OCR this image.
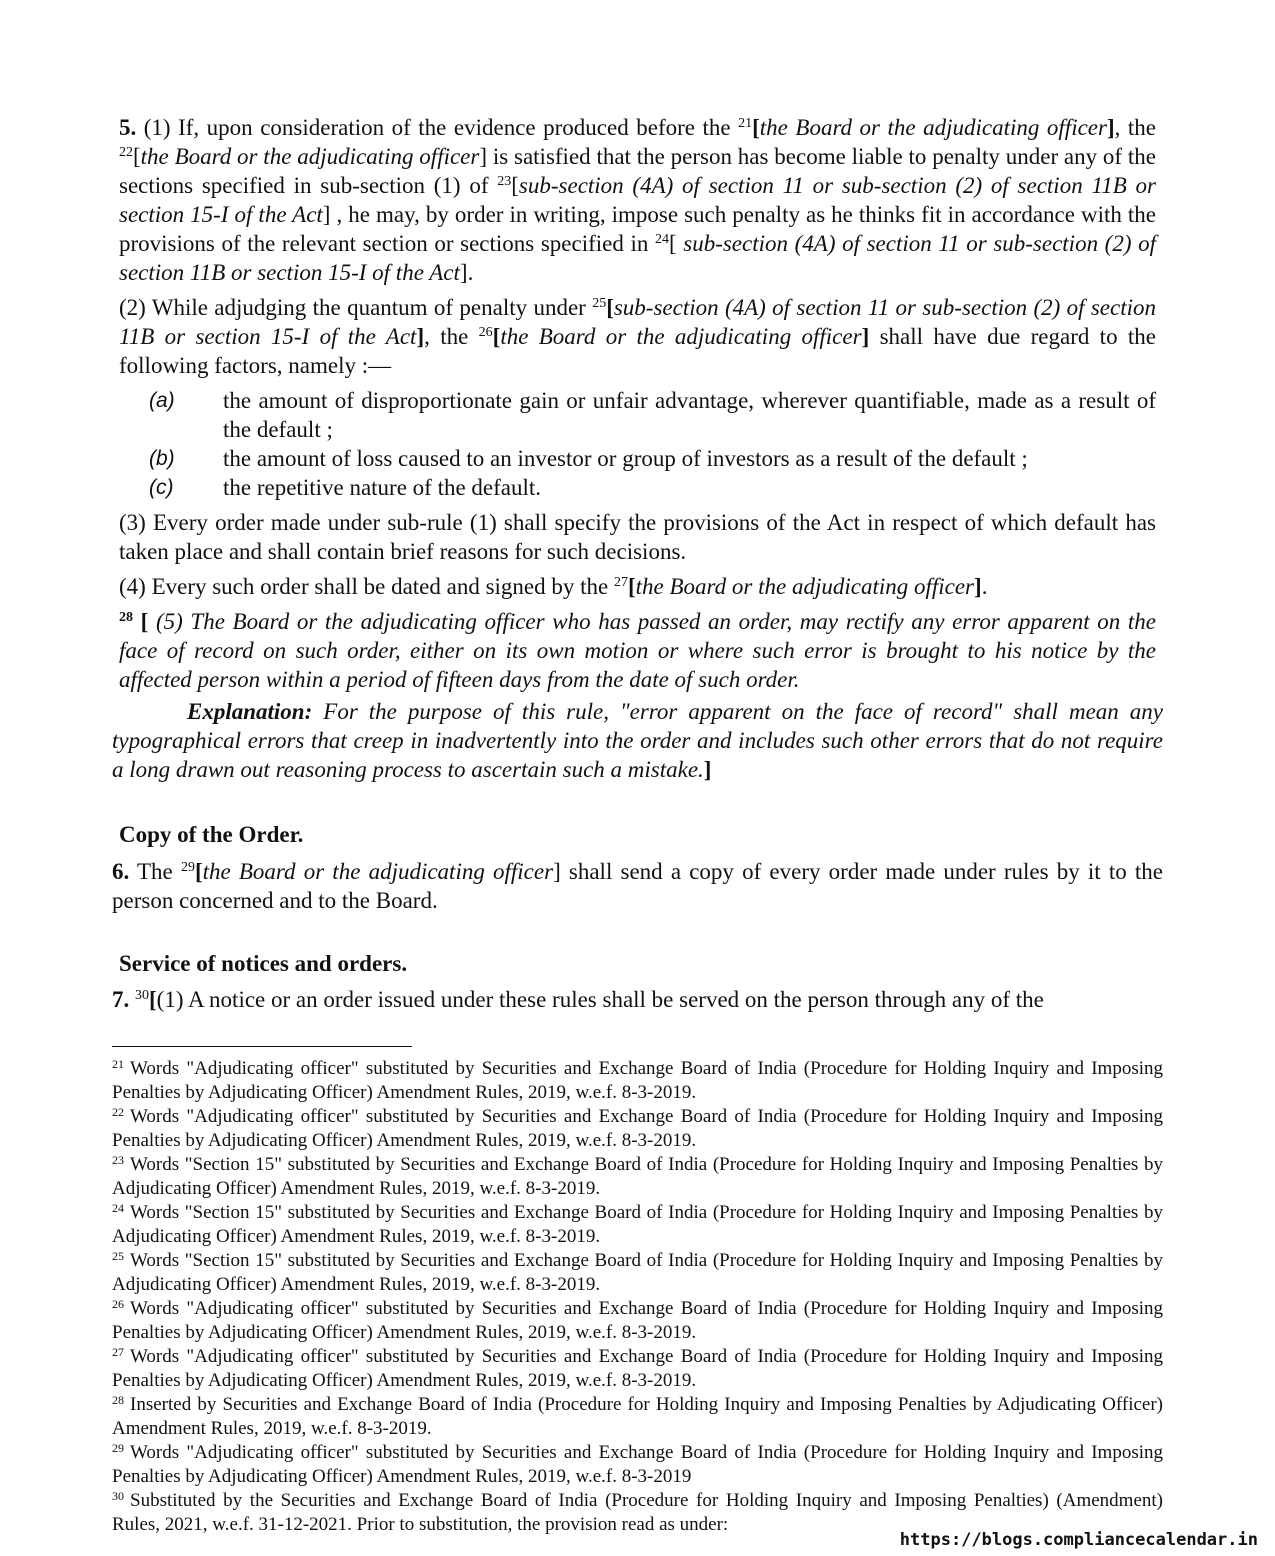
5. (1) If, upon consideration of the evidence produced before the $^{21}$[the Board or the adjudicating officer], the $^{22}$[the Board or the adjudicating officer] is satisfied that the person has become liable to penalty under any of the sections specified in sub-section (1) of $^{23}$[sub-section (4A) of section 11 or sub-section (2) of section 11B or section 15-I of the Act] , he may, by order in writing, impose such penalty as he thinks fit in accordance with the provisions of the relevant section or sections specified in $^{24}$[ sub-section (4A) of section 11 or sub-section (2) of section 11B or section 15-I of the Act].

(2) While adjudging the quantum of penalty under $^{25}$[sub-section (4A) of section 11 or sub-section (2) of section 11B or section 15-I of the Act], the $^{26}$[the Board or the adjudicating officer] shall have due regard to the following factors, namely :—

(a)	the amount of disproportionate gain or unfair advantage, wherever quantifiable, made as a result of the default ;
(b)	the amount of loss caused to an investor or group of investors as a result of the default ;
(c)	the repetitive nature of the default.

(3) Every order made under sub-rule (1) shall specify the provisions of the Act in respect of which default has taken place and shall contain brief reasons for such decisions.

(4) Every such order shall be dated and signed by the $^{27}$[the Board or the adjudicating officer].

$^{28}$ [ (5) The Board or the adjudicating officer who has passed an order, may rectify any error apparent on the face of record on such order, either on its own motion or where such error is brought to his notice by the affected person within a period of fifteen days from the date of such order.

Explanation: For the purpose of this rule, "error apparent on the face of record" shall mean any typographical errors that creep in inadvertently into the order and includes such other errors that do not require a long drawn out reasoning process to ascertain such a mistake.]
Copy of the Order.

6. The $^{29}$[the Board or the adjudicating officer] shall send a copy of every order made under rules by it to the person concerned and to the Board.

Service of notices and orders.

7. $^{30}$[(1) A notice or an order issued under these rules shall be served on the person through any of the

$^{21}$ Words "Adjudicating officer" substituted by Securities and Exchange Board of India (Procedure for Holding Inquiry and Imposing Penalties by Adjudicating Officer) Amendment Rules, 2019, w.e.f. 8-3-2019.

$^{22}$ Words "Adjudicating officer" substituted by Securities and Exchange Board of India (Procedure for Holding Inquiry and Imposing Penalties by Adjudicating Officer) Amendment Rules, 2019, w.e.f. 8-3-2019.

$^{23}$ Words "Section 15" substituted by Securities and Exchange Board of India (Procedure for Holding Inquiry and Imposing Penalties by Adjudicating Officer) Amendment Rules, 2019, w.e.f. 8-3-2019.

$^{24}$ Words "Section 15" substituted by Securities and Exchange Board of India (Procedure for Holding Inquiry and Imposing Penalties by Adjudicating Officer) Amendment Rules, 2019, w.e.f. 8-3-2019.

$^{25}$ Words "Section 15" substituted by Securities and Exchange Board of India (Procedure for Holding Inquiry and Imposing Penalties by Adjudicating Officer) Amendment Rules, 2019, w.e.f. 8-3-2019.

$^{26}$ Words "Adjudicating officer" substituted by Securities and Exchange Board of India (Procedure for Holding Inquiry and Imposing Penalties by Adjudicating Officer) Amendment Rules, 2019, w.e.f. 8-3-2019.

$^{27}$ Words "Adjudicating officer" substituted by Securities and Exchange Board of India (Procedure for Holding Inquiry and Imposing Penalties by Adjudicating Officer) Amendment Rules, 2019, w.e.f. 8-3-2019.

$^{28}$ Inserted by Securities and Exchange Board of India (Procedure for Holding Inquiry and Imposing Penalties by Adjudicating Officer) Amendment Rules, 2019, w.e.f. 8-3-2019.

$^{29}$ Words "Adjudicating officer" substituted by Securities and Exchange Board of India (Procedure for Holding Inquiry and Imposing Penalties by Adjudicating Officer) Amendment Rules, 2019, w.e.f. 8-3-2019

$^{30}$ Substituted by the Securities and Exchange Board of India (Procedure for Holding Inquiry and Imposing Penalties) (Amendment) Rules, 2021, w.e.f. 31-12-2021. Prior to substitution, the provision read as under:

https://blogs.compliancecalendar.in
